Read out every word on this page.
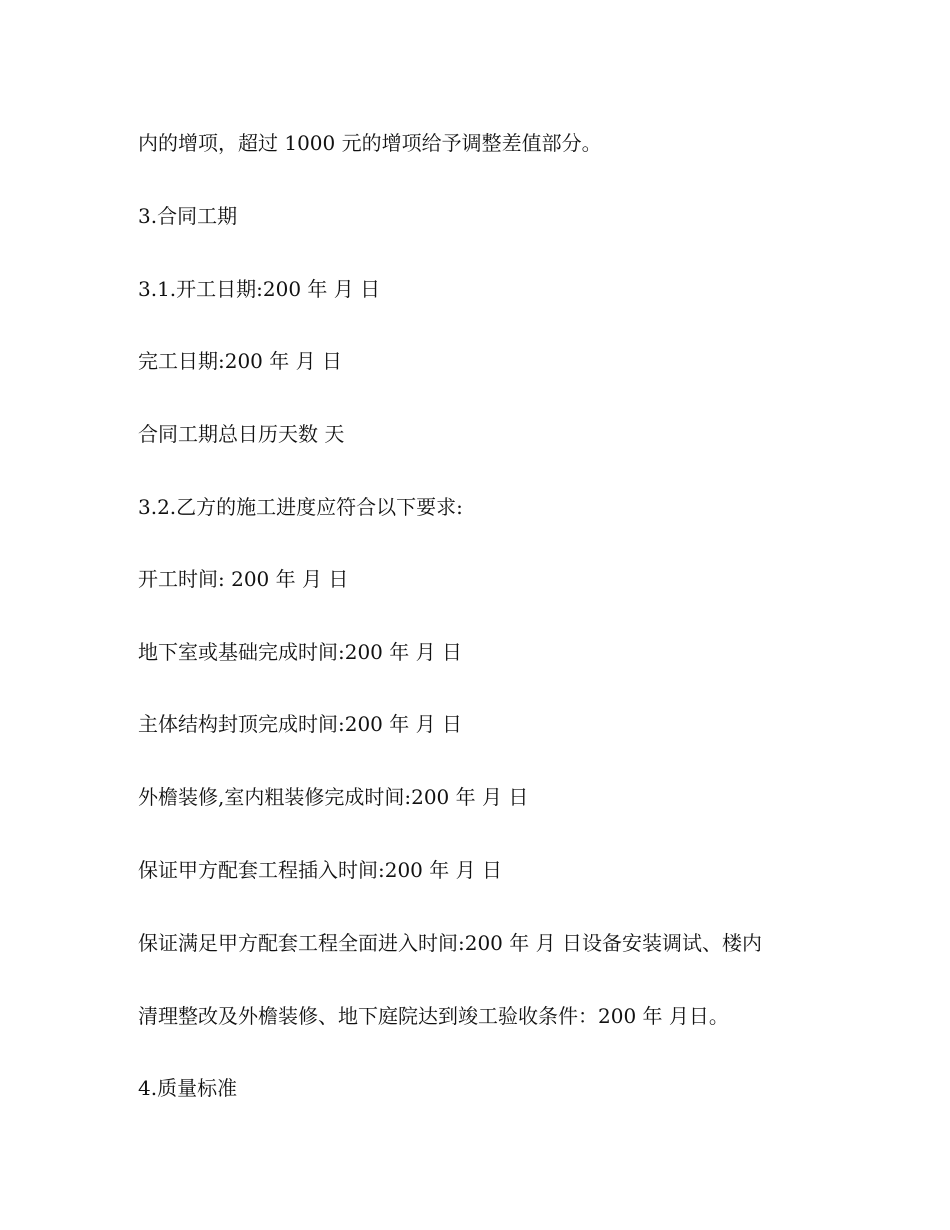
内的增项，超过 1000 元的增项给予调整差值部分。
3.合同工期
3.1.开工日期:200 年 月 日
完工日期:200 年 月 日
合同工期总日历天数 天
3.2.乙方的施工进度应符合以下要求:
开工时间: 200 年 月 日
地下室或基础完成时间:200 年 月 日
主体结构封顶完成时间:200 年 月 日
外檐装修,室内粗装修完成时间:200 年 月 日
保证甲方配套工程插入时间:200 年 月 日
保证满足甲方配套工程全面进入时间:200 年 月 日设备安装调试、楼内
清理整改及外檐装修、地下庭院达到竣工验收条件：200 年 月日。
4.质量标准
